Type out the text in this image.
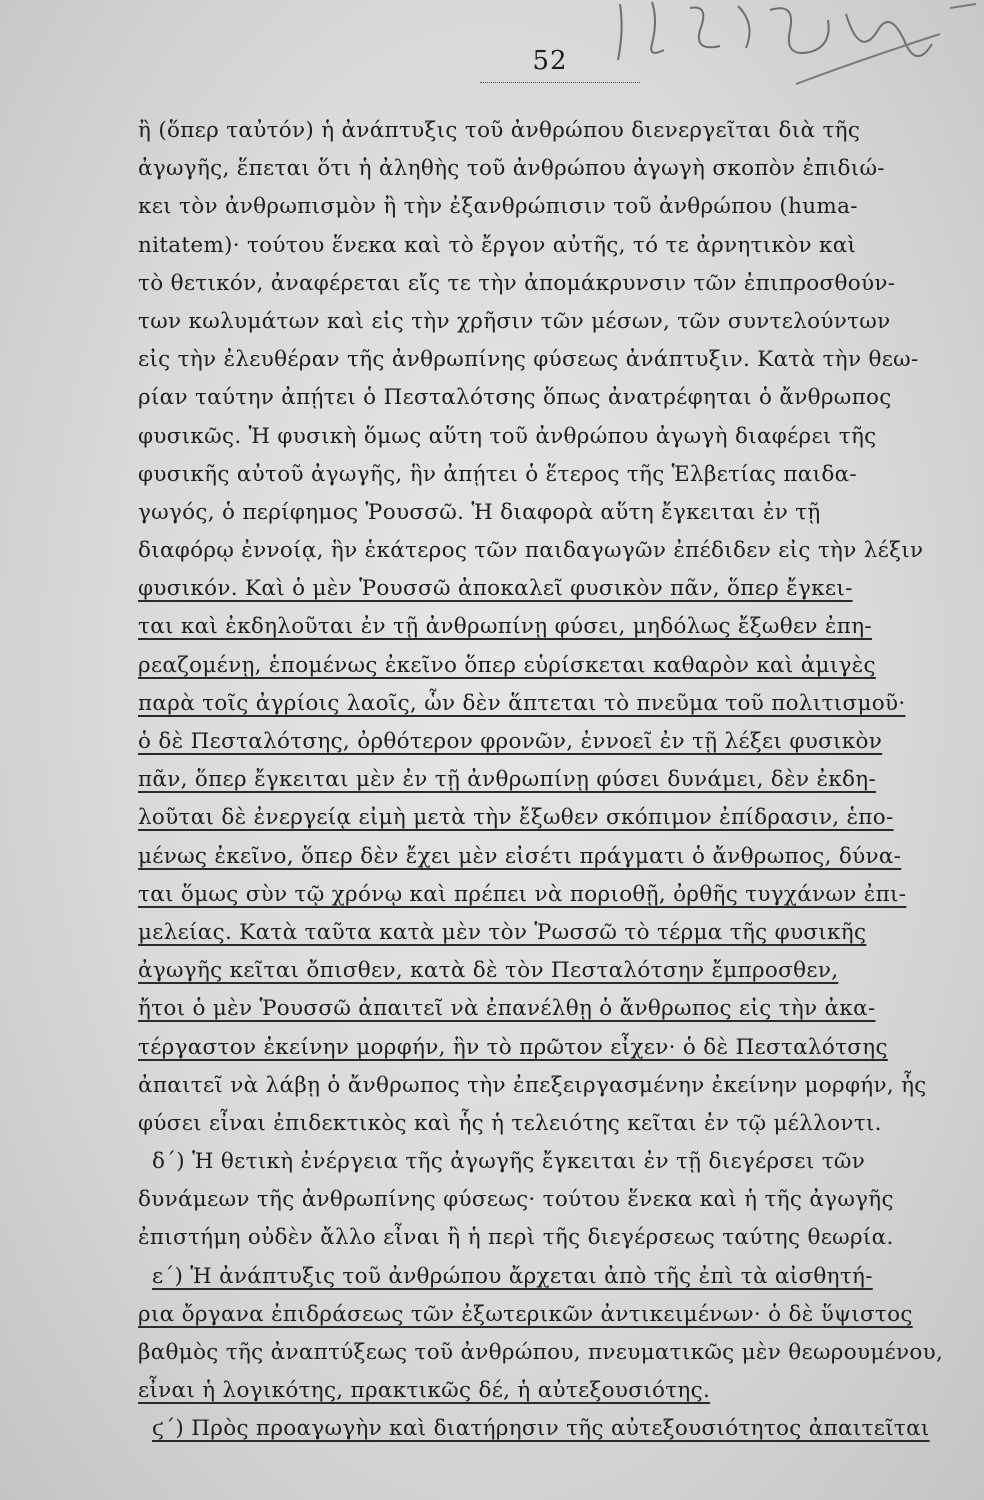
52
ἢ (ὅπερ ταὐτόν) ἡ ἀνάπτυξις τοῦ ἀνθρώπου διενεργεῖται διὰ τῆς
ἀγωγῆς, ἕπεται ὅτι ἡ ἀληθὴς τοῦ ἀνθρώπου ἀγωγὴ σκοπὸν ἐπιδιώ-
κει τὸν ἀνθρωπισμὸν ἢ τὴν ἐξανθρώπισιν τοῦ ἀνθρώπου (huma-
nitatem)· τούτου ἕνεκα καὶ τὸ ἔργον αὐτῆς, τό τε ἀρνητικὸν καὶ
τὸ θετικόν, ἀναφέρεται εἴς τε τὴν ἀπομάκρυνσιν τῶν ἐπιπροσθούν-
των κωλυμάτων καὶ εἰς τὴν χρῆσιν τῶν μέσων, τῶν συντελούντων
εἰς τὴν ἐλευθέραν τῆς ἀνθρωπίνης φύσεως ἀνάπτυξιν. Κατὰ τὴν θεω-
ρίαν ταύτην ἀπῄτει ὁ Πεσταλότσης ὅπως ἀνατρέφηται ὁ ἄνθρωπος
φυσικῶς. Ἡ φυσικὴ ὅμως αὕτη τοῦ ἀνθρώπου ἀγωγὴ διαφέρει τῆς
φυσικῆς αὐτοῦ ἀγωγῆς, ἣν ἀπῄτει ὁ ἕτερος τῆς Ἑλβετίας παιδα-
γωγός, ὁ περίφημος Ῥουσσῶ. Ἡ διαφορὰ αὕτη ἔγκειται ἐν τῇ
διαφόρῳ ἐννοίᾳ, ἣν ἑκάτερος τῶν παιδαγωγῶν ἐπέδιδεν εἰς τὴν λέξιν
φυσικόν. Καὶ ὁ μὲν Ῥουσσῶ ἀποκαλεῖ φυσικὸν πᾶν, ὅπερ ἔγκει-
ται καὶ ἐκδηλοῦται ἐν τῇ ἀνθρωπίνῃ φύσει, μηδόλως ἔξωθεν ἐπη-
ρεαζομένῃ, ἑπομένως ἐκεῖνο ὅπερ εὑρίσκεται καθαρὸν καὶ ἀμιγὲς
παρὰ τοῖς ἀγρίοις λαοῖς, ὧν δὲν ἅπτεται τὸ πνεῦμα τοῦ πολιτισμοῦ·
ὁ δὲ Πεσταλότσης, ὀρθότερον φρονῶν, ἐννοεῖ ἐν τῇ λέξει φυσικὸν
πᾶν, ὅπερ ἔγκειται μὲν ἐν τῇ ἀνθρωπίνῃ φύσει δυνάμει, δὲν ἐκδη-
λοῦται δὲ ἐνεργείᾳ εἰμὴ μετὰ τὴν ἔξωθεν σκόπιμον ἐπίδρασιν, ἑπο-
μένως ἐκεῖνο, ὅπερ δὲν ἔχει μὲν εἰσέτι πράγματι ὁ ἄνθρωπος, δύνα-
ται ὅμως σὺν τῷ χρόνῳ καὶ πρέπει νὰ ποριοθῇ, ὀρθῆς τυγχάνων ἐπι-
μελείας. Κατὰ ταῦτα κατὰ μὲν τὸν Ῥωσσῶ τὸ τέρμα τῆς φυσικῆς
ἀγωγῆς κεῖται ὄπισθεν, κατὰ δὲ τὸν Πεσταλότσην ἔμπροσθεν,
ἤτοι ὁ μὲν Ῥουσσῶ ἀπαιτεῖ νὰ ἐπανέλθῃ ὁ ἄνθρωπος εἰς τὴν ἀκα-
τέργαστον ἐκείνην μορφήν, ἣν τὸ πρῶτον εἶχεν· ὁ δὲ Πεσταλότσης
ἀπαιτεῖ νὰ λάβῃ ὁ ἄνθρωπος τὴν ἐπεξειργασμένην ἐκείνην μορφήν, ἧς
φύσει εἶναι ἐπιδεκτικὸς καὶ ἧς ἡ τελειότης κεῖται ἐν τῷ μέλλοντι.
δ΄) Ἡ θετικὴ ἐνέργεια τῆς ἀγωγῆς ἔγκειται ἐν τῇ διεγέρσει τῶν
δυνάμεων τῆς ἀνθρωπίνης φύσεως· τούτου ἕνεκα καὶ ἡ τῆς ἀγωγῆς
ἐπιστήμη οὐδὲν ἄλλο εἶναι ἢ ἡ περὶ τῆς διεγέρσεως ταύτης θεωρία.
ε΄) Ἡ ἀνάπτυξις τοῦ ἀνθρώπου ἄρχεται ἀπὸ τῆς ἐπὶ τὰ αἰσθητή-
ρια ὄργανα ἐπιδράσεως τῶν ἐξωτερικῶν ἀντικειμένων· ὁ δὲ ὕψιστος
βαθμὸς τῆς ἀναπτύξεως τοῦ ἀνθρώπου, πνευματικῶς μὲν θεωρουμένου,
εἶναι ἡ λογικότης, πρακτικῶς δέ, ἡ αὐτεξουσιότης.
ϛ΄) Πρὸς προαγωγὴν καὶ διατήρησιν τῆς αὐτεξουσιότητος ἀπαιτεῖται
